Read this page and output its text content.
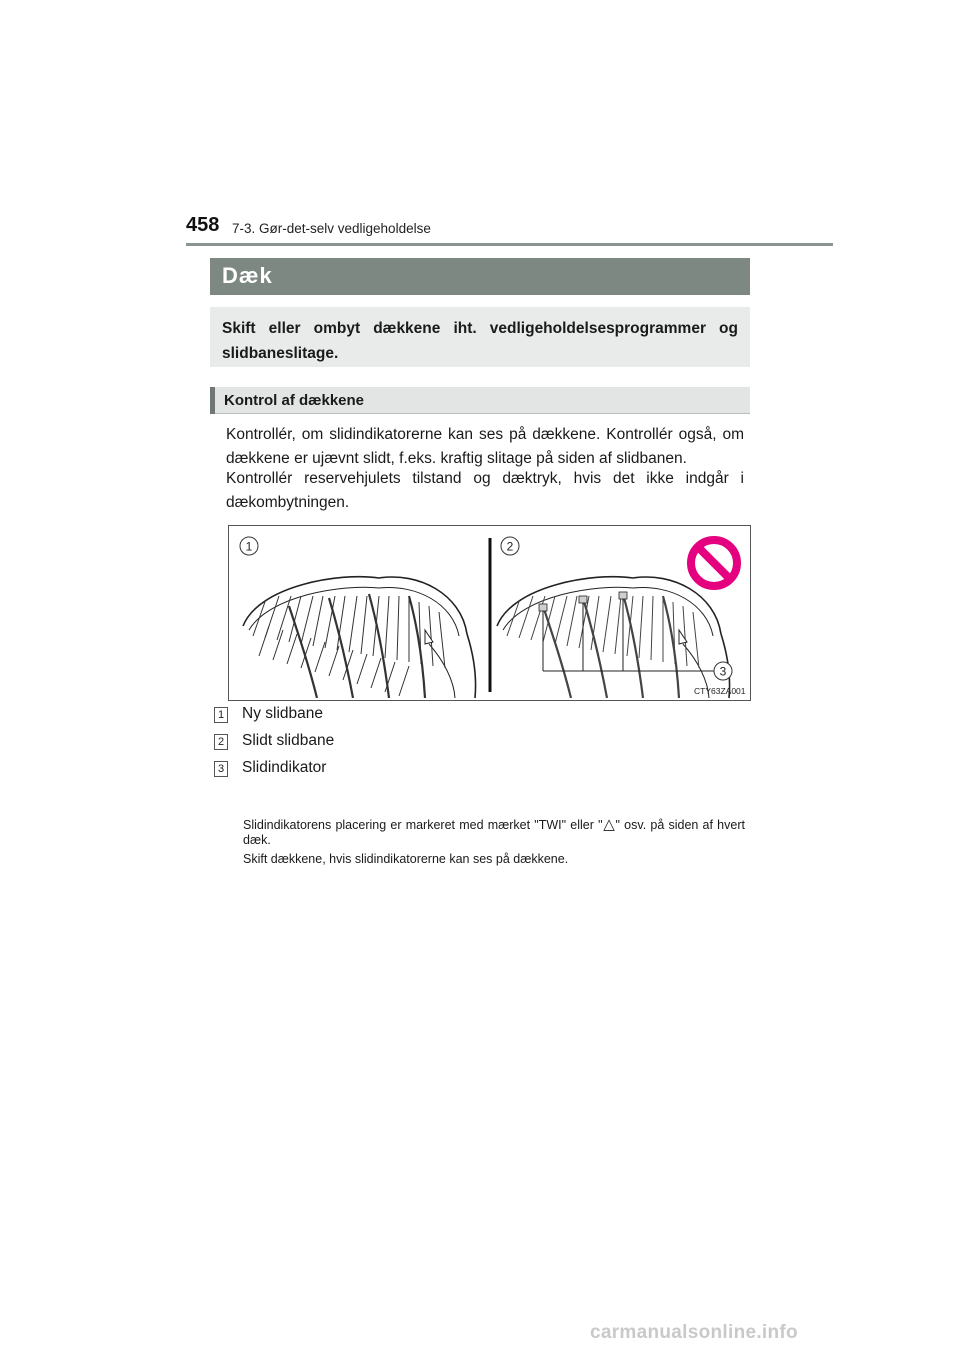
458 7-3. Gør-det-selv vedligeholdelse
Dæk
Skift eller ombyt dækkene iht. vedligeholdelsesprogrammer og slidbaneslitage.
Kontrol af dækkene
Kontrollér, om slidindikatorerne kan ses på dækkene. Kontrollér også, om dækkene er ujævnt slidt, f.eks. kraftig slitage på siden af slidbanen.
Kontrollér reservehjulets tilstand og dæktryk, hvis det ikke indgår i dækombytningen.
1	2
3
CTY63ZA001
1 Ny slidbane
2 Slidt slidbane
3 Slidindikator
Slidindikatorens placering er markeret med mærket "TWI" eller "△" osv. på siden af hvert dæk.
Skift dækkene, hvis slidindikatorerne kan ses på dækkene.
carmanualsonline.info
